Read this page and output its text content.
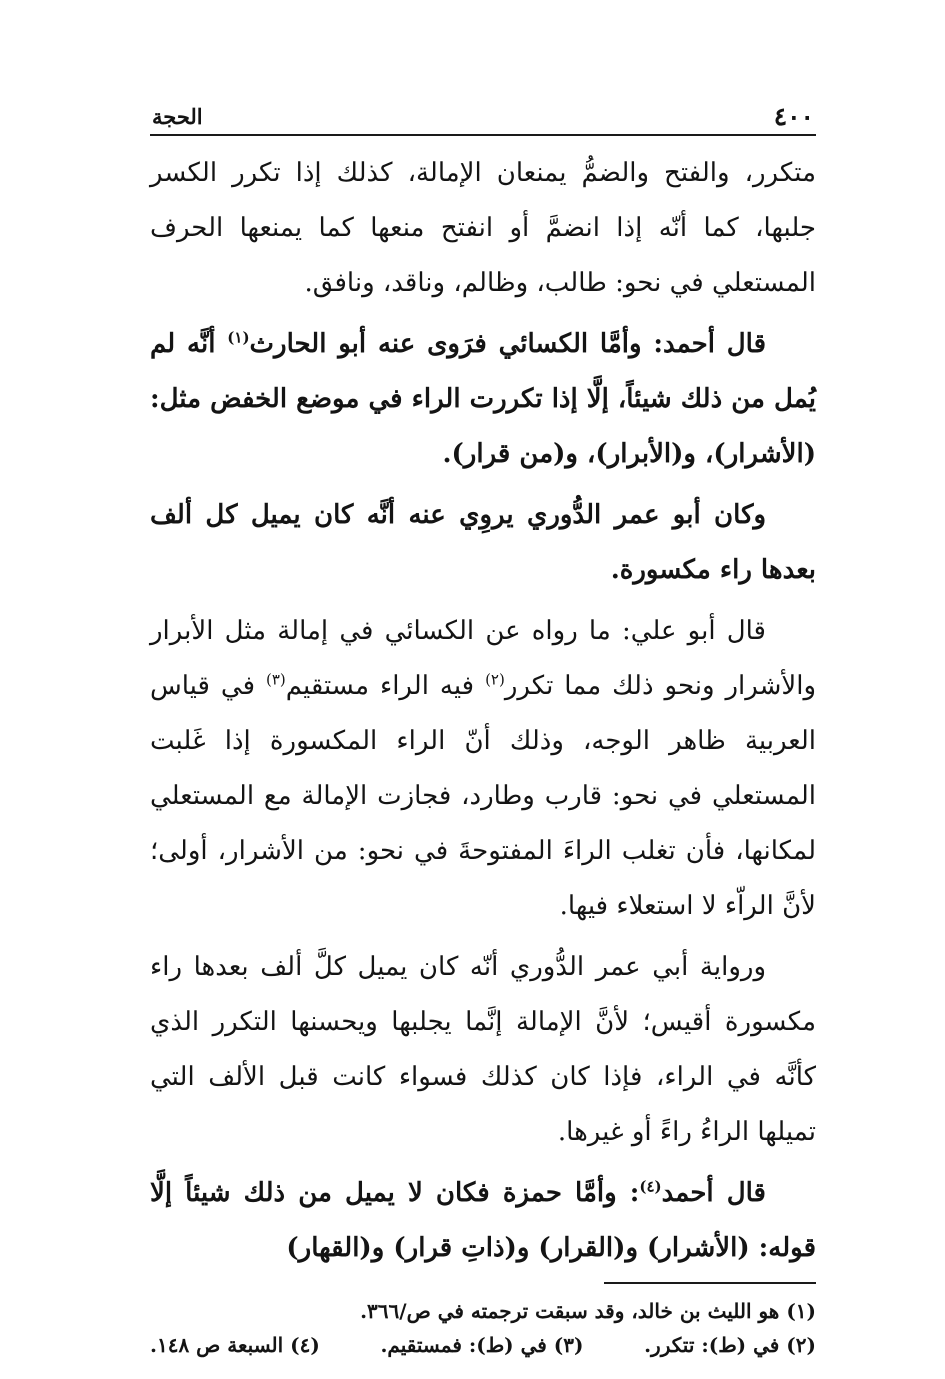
٤٠٠
الحجة

متكرر، والفتح والضمُّ يمنعان الإمالة، كذلك إذا تكرر الكسر جلبها، كما أنّه إذا انضمَّ أو انفتح منعها كما يمنعها الحرف المستعلي في نحو: طالب، وظالم، وناقد، ونافق.

قال أحمد: وأمَّا الكسائي فرَوى عنه أبو الحارث$^{(١)}$ أنَّه لم يُمل من ذلك شيئاً، إلَّا إذا تكررت الراء في موضع الخفض مثل: (الأشرار)، و(الأبرار)، و(من قرار).

وكان أبو عمر الدُّوري يروِي عنه أنَّه كان يميل كل ألف بعدها راء مكسورة.

قال أبو علي: ما رواه عن الكسائي في إمالة مثل الأبرار والأشرار ونحو ذلك مما تكرر$^{(٢)}$ فيه الراء مستقيم$^{(٣)}$ في قياس العربية ظاهر الوجه، وذلك أنّ الراء المكسورة إذا غَلبت المستعلي في نحو: قارب وطارد، فجازت الإمالة مع المستعلي لمكانها، فأن تغلب الراءَ المفتوحةَ في نحو: من الأشرار، أولى؛ لأنَّ الراّء لا استعلاء فيها.

ورواية أبي عمر الدُّوري أنّه كان يميل كلَّ ألف بعدها راء مكسورة أقيس؛ لأنَّ الإمالة إنَّما يجلبها ويحسنها التكرر الذي كأنَّه في الراء، فإذا كان كذلك فسواء كانت قبل الألف التي تميلها الراءُ راءً أو غيرها.

قال أحمد$^{(٤)}$: وأمَّا حمزة فكان لا يميل من ذلك شيئاً إلَّا قوله: (الأشرار) و(القرار) و(ذاتِ قرار) و(القهار)

(١) هو الليث بن خالد، وقد سبقت ترجمته في ص/٣٦٦.

(٢) في (ط): تتكرر.
(٣) في (ط): فمستقيم.
(٤) السبعة ص ١٤٨.
